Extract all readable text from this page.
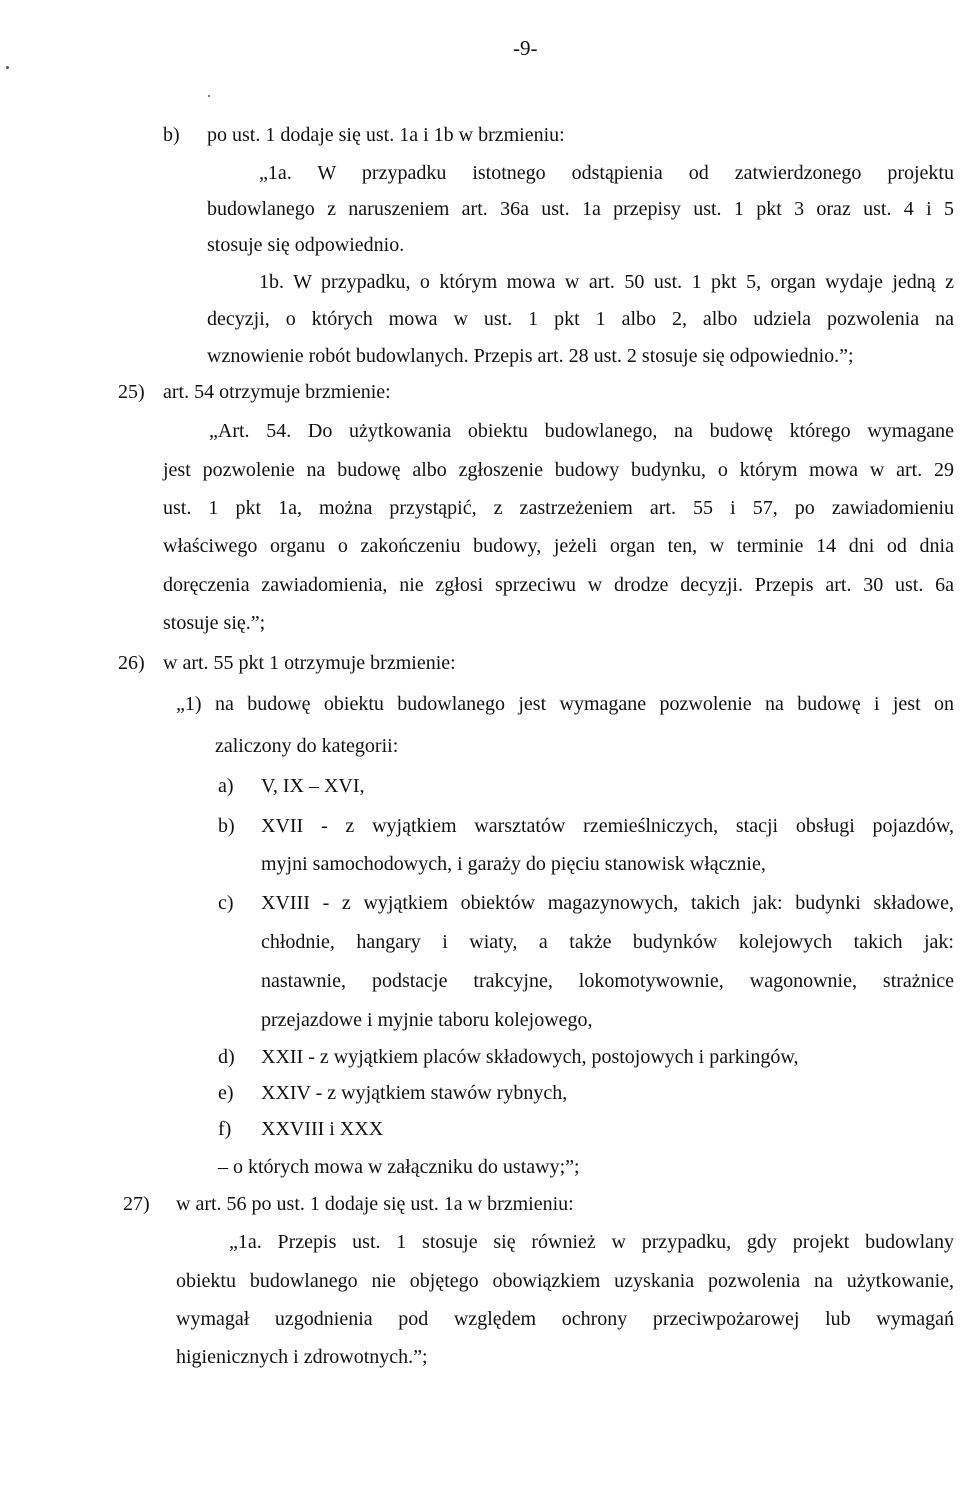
-9-
b) po ust. 1 dodaje się ust. 1a i 1b w brzmieniu:
„1a. W przypadku istotnego odstąpienia od zatwierdzonego projektu
budowlanego z naruszeniem art. 36a ust. 1a przepisy ust. 1 pkt 3 oraz ust. 4 i 5
stosuje się odpowiednio.
1b. W przypadku, o którym mowa w art. 50 ust. 1 pkt 5, organ wydaje jedną z
decyzji, o których mowa w ust. 1 pkt 1 albo 2, albo udziela pozwolenia na
wznowienie robót budowlanych. Przepis art. 28 ust. 2 stosuje się odpowiednio.”;
25) art. 54 otrzymuje brzmienie:
„Art. 54. Do użytkowania obiektu budowlanego, na budowę którego wymagane
jest pozwolenie na budowę albo zgłoszenie budowy budynku, o którym mowa w art. 29
ust. 1 pkt 1a, można przystąpić, z zastrzeżeniem art. 55 i 57, po zawiadomieniu
właściwego organu o zakończeniu budowy, jeżeli organ ten, w terminie 14 dni od dnia
doręczenia zawiadomienia, nie zgłosi sprzeciwu w drodze decyzji. Przepis art. 30 ust. 6a
stosuje się.”;
26) w art. 55 pkt 1 otrzymuje brzmienie:
„1) na budowę obiektu budowlanego jest wymagane pozwolenie na budowę i jest on
zaliczony do kategorii:
a) V, IX – XVI,
b) XVII - z wyjątkiem warsztatów rzemieślniczych, stacji obsługi pojazdów,
myjni samochodowych, i garaży do pięciu stanowisk włącznie,
c) XVIII - z wyjątkiem obiektów magazynowych, takich jak: budynki składowe,
chłodnie, hangary i wiaty, a także budynków kolejowych takich jak:
nastawnie, podstacje trakcyjne, lokomotywownie, wagonownie, strażnice
przejazdowe i myjnie taboru kolejowego,
d) XXII - z wyjątkiem placów składowych, postojowych i parkingów,
e) XXIV - z wyjątkiem stawów rybnych,
f) XXVIII i XXX
– o których mowa w załączniku do ustawy;”;
27) w art. 56 po ust. 1 dodaje się ust. 1a w brzmieniu:
„1a. Przepis ust. 1 stosuje się również w przypadku, gdy projekt budowlany
obiektu budowlanego nie objętego obowiązkiem uzyskania pozwolenia na użytkowanie,
wymagał uzgodnienia pod względem ochrony przeciwpożarowej lub wymagań
higienicznych i zdrowotnych.”;
